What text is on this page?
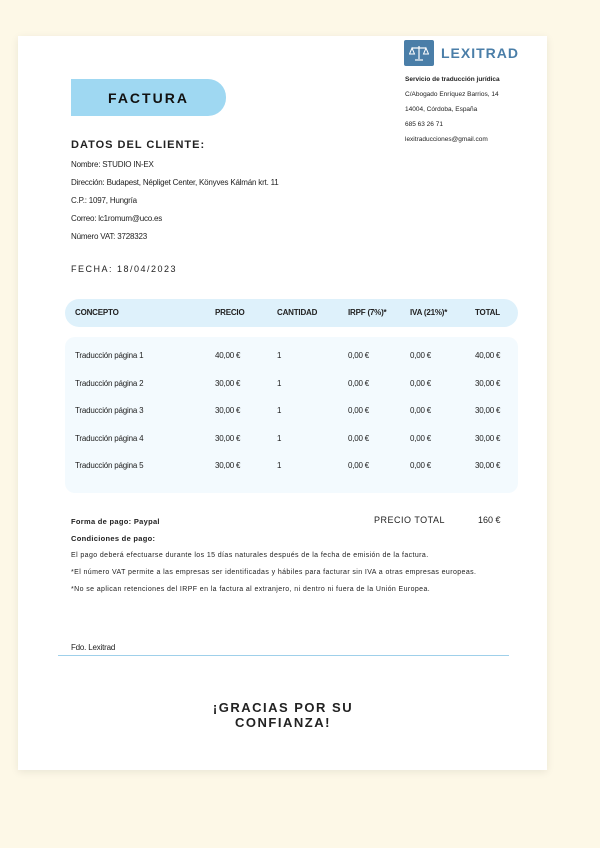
LEXITRAD
Servicio de traducción jurídica
C/Abogado Enríquez Barrios, 14
14004, Córdoba, España
685 63 26 71
lexitraducciones@gmail.com
FACTURA
DATOS DEL CLIENTE:
Nombre: STUDIO IN-EX
Dirección: Budapest, Népliget Center, Könyves Kálmán krt. 11
C.P.: 1097, Hungría
Correo: lc1romum@uco.es
Número VAT: 3728323
FECHA: 18/04/2023
CONCEPTO	PRECIO	CANTIDAD	IRPF (7%)*	IVA (21%)*	TOTAL
Traducción página 1	40,00 €	1	0,00 €	0,00 €	40,00 €
Traducción página 2	30,00 €	1	0,00 €	0,00 €	30,00 €
Traducción página 3	30,00 €	1	0,00 €	0,00 €	30,00 €
Traducción página 4	30,00 €	1	0,00 €	0,00 €	30,00 €
Traducción página 5	30,00 €	1	0,00 €	0,00 €	30,00 €
Forma de pago: Paypal
Condiciones de pago:
El pago deberá efectuarse durante los 15 días naturales después de la fecha de emisión de la factura.
*El número VAT permite a las empresas ser identificadas y hábiles para facturar sin IVA a otras empresas europeas.
*No se aplican retenciones del IRPF en la factura al extranjero, ni dentro ni fuera de la Unión Europea.
PRECIO TOTAL	160 €
Fdo. Lexitrad
¡GRACIAS POR SU
CONFIANZA!
